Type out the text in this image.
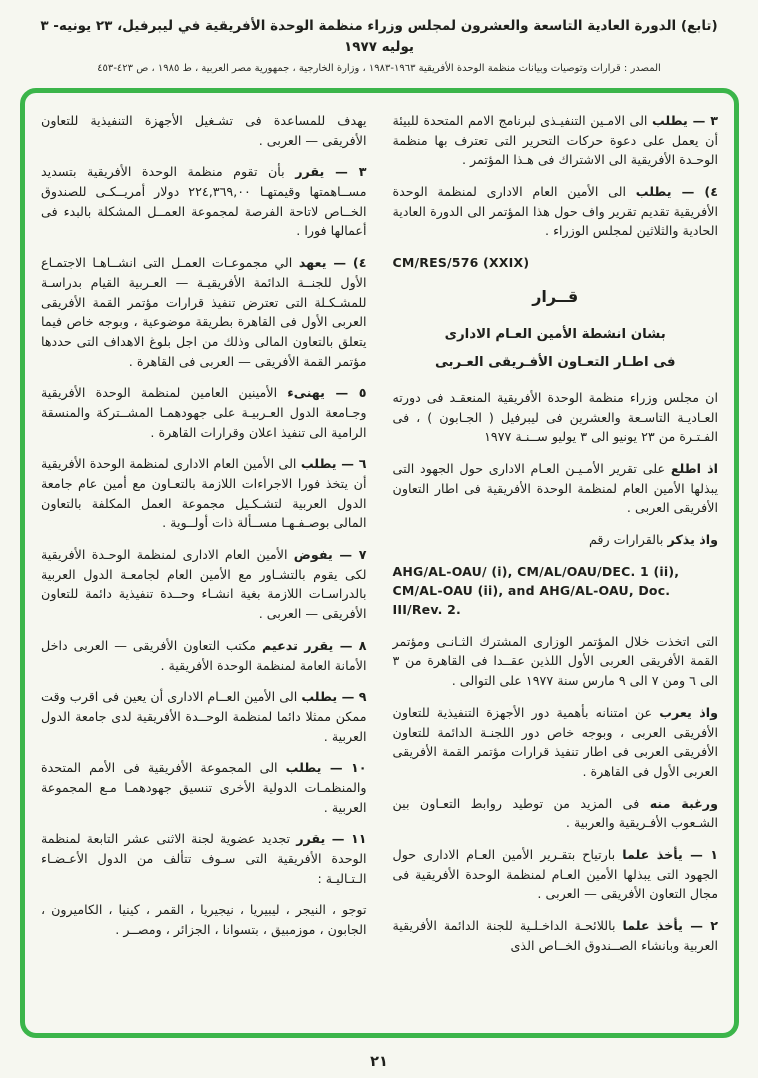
(تابع) الدورة العادية التاسعة والعشرون لمجلس وزراء منظمة الوحدة الأفريقية في ليبرفيل، ٢٣ يونيه- ٣ يوليه ١٩٧٧
المصدر : قرارات وتوصيات وبيانات منظمة الوحدة الأفريقية ١٩٦٣-١٩٨٣ ، وزارة الخارجية ، جمهورية مصر العربية ، ط ١٩٨٥ ، ص ٤٢٣-٤٥٣

٣ — يطلب الى الامـين التنفيـذى لبرنامج الامم المتحدة للبيئة أن يعمل على دعوة حركات التحرير التى تعترف بها منظمة الوحـدة الأفريقية الى الاشتراك فى هـذا المؤتمر .

٤) — يطلب الى الأمين العام الادارى لمنظمة الوحدة الأفريقية تقديم تقرير واف حول هذا المؤتمر الى الدورة العادية الحادية والثلاثين لمجلس الوزراء .

CM/RES/576 (XXIX)

قــرار

بشان انشطة الأمين العـام الادارى

فى اطـار التعـاون الأفـريقى العـربى

ان مجلس وزراء منظمة الوحدة الأفريقية المنعقـد فى دورته العـاديـة التاسـعة والعشرين فى ليبرفيل ( الجـابون ) ، فى الفـتـرة من ٢٣ يونيو الى ٣ يوليو ســنـة ١٩٧٧

اذ اطلع على تقرير الأمـيـن العـام الادارى حول الجهود التى يبذلها الأمين العام لمنظمة الوحدة الأفريقية فى اطار التعاون الأفريقى العربى .

واذ يذكر بالقرارات رقم

AHG/AL-OAU/ (i), CM/AL/OAU/DEC. 1 (ii), CM/AL-OAU (ii), and AHG/AL-OAU, Doc. III/Rev. 2.

التى اتخذت خلال المؤتمر الوزارى المشترك الثـانـى ومؤتمر القمة الأفريقى العربى الأول اللذين عقــدا فى القاهرة من ٣ الى ٦ ومن ٧ الى ٩ مارس سنة ١٩٧٧ على التوالى .

واذ يعرب عن امتنانه بأهمية دور الأجهزة التنفيذية للتعاون الأفريقى العربى ، وبوجه خاص دور اللجنـة الدائمة للتعاون الأفريقى العربى فى اطار تنفيذ قرارات مؤتمر القمة الأفريقى العربى الأول فى القاهرة .

ورغبة منه فى المزيد من توطيد روابط التعـاون بين الشـعوب الأفـريقية والعربية .

١ — يأخذ علما بارتياح بتقـرير الأمين العـام الادارى حول الجهود التى يبذلها الأمين العـام لمنظمة الوحدة الأفريقية فى مجال التعاون الأفريقى — العربى .

٢ — يأخذ علما باللائحـة الداخـلـية للجنة الدائمة الأفريقية العربية وبانشاء الصــندوق الخــاص الذى

يهدف للمساعدة فى تشـغيل الأجهزة التنفيذية للتعاون الأفريقى — العربى .

٣ — يقرر بأن تقوم منظمة الوحدة الأفريقية بتسديد مســاهمتها وقيمتهـا ٢٢٤,٣٦٩,٠٠ دولار أمريــكـى للصندوق الخــاص لاتاحة الفرصة لمجموعة العمــل المشكلة بالبدء فى أعمالها فورا .

٤) — يعهد الي مجموعـات العمـل التى انشــاهـا الاجتمـاع الأول للجنــة الدائمة الأفريقيـة — العـربية القيام بدراسـة للمشـكـلة التى تعترض تنفيذ قرارات مؤتمر القمة الأفريقى العربى الأول فى القاهرة بطريقة موضوعية ، وبوجه خاص فيما يتعلق بالتعاون المالى وذلك من اجل بلوغ الاهداف التى حددها مؤتمر القمة الأفريقى — العربى فى القاهرة .

٥ — يهنىء الأمينين العامين لمنظمة الوحدة الأفريقية وجـامعة الدول العـربيـة على جهودهمـا المشــتركة والمنسقة الرامية الى تنفيذ اعلان وقرارات القاهرة .

٦ — يطلب الى الأمين العام الادارى لمنظمة الوحدة الأفريقية أن يتخذ فورا الاجراءات اللازمة بالتعـاون مع أمين عام جامعة الدول العربية لتشـكـيل مجموعة العمل المكلفة بالتعاون المالى بوصـفـهـا مســألة ذات أولــوية .

٧ — يفوض الأمين العام الادارى لمنظمة الوحـدة الأفريقية لكى يقوم بالتشـاور مع الأمين العام لجامعـة الدول العربية بالدراسـات اللازمة بغية انشـاء وحــدة تنفيذية دائمة للتعاون الأفريقى — العربى .

٨ — يقرر تدعيم مكتب التعاون الأفريقى — العربى داخل الأمانة العامة لمنظمة الوحدة الأفريقية .

٩ — يطلب الى الأمين العــام الادارى أن يعين فى اقرب وقت ممكن ممثلا دائما لمنظمة الوحــدة الأفريقية لدى جامعة الدول العربية .

١٠ — يطلب الى المجموعة الأفريقية فى الأمم المتحدة والمنظمـات الدولية الأخرى تنسيق جهودهمـا مـع المجموعة العربية .

١١ — يقرر تجديد عضوية لجنة الاثنى عشر التابعة لمنظمة الوحدة الأفريقية التى سـوف تتألف من الدول الأعـضـاء الـتـاليـة :

توجو ، النيجر ، ليبيريا ، نيجيريا ، القمر ، كينيا ، الكاميرون ، الجابون ، موزمبيق ، بتسوانا ، الجزائر ، ومصــر .

٢١
